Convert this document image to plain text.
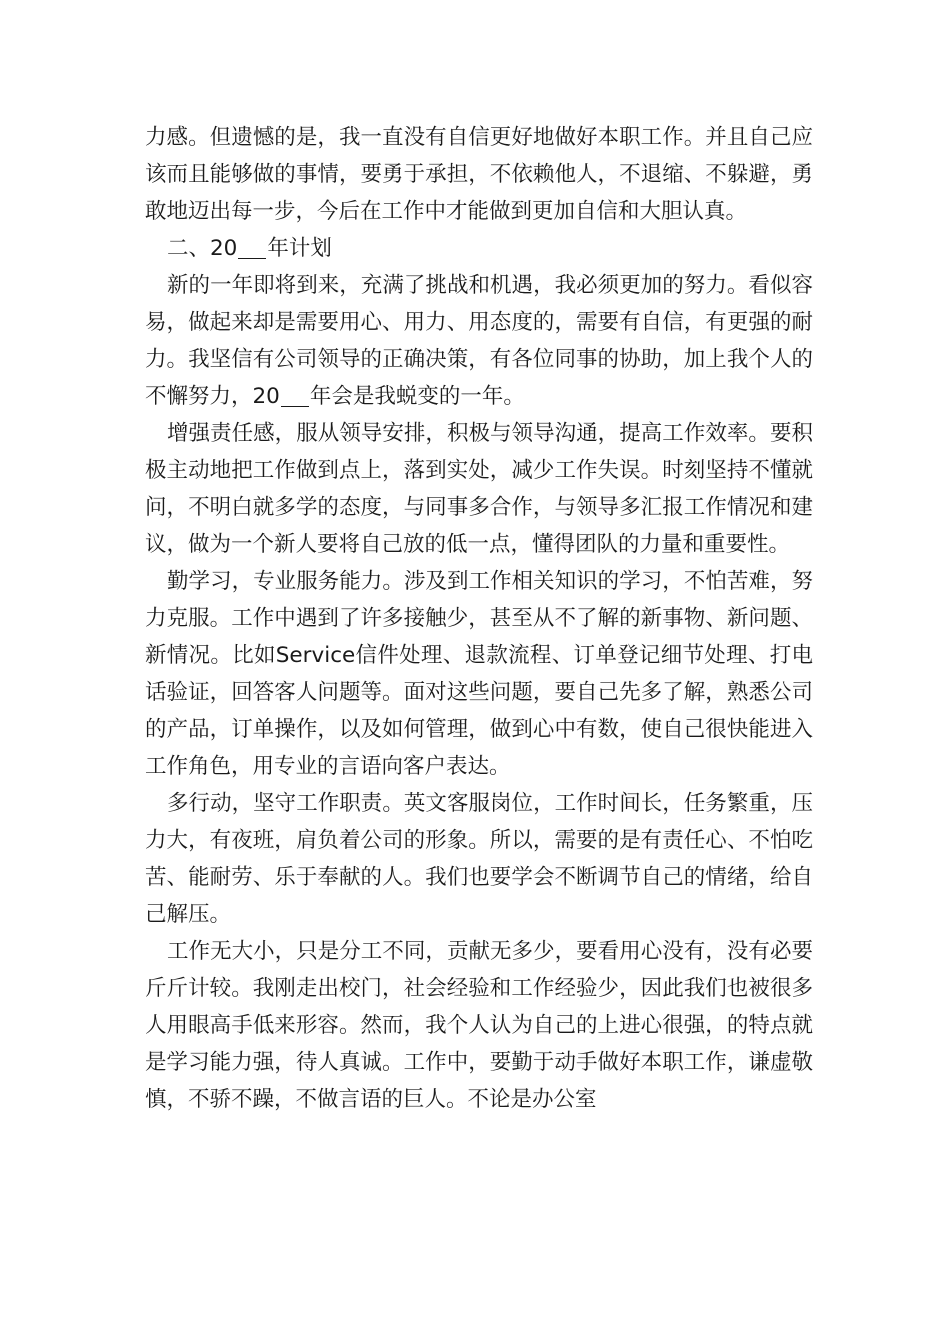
力感。但遗憾的是，我一直没有自信更好地做好本职工作。并且自己应该而且能够做的事情，要勇于承担，不依赖他人，不退缩、不躲避，勇敢地迈出每一步，今后在工作中才能做到更加自信和大胆认真。

二、20 年计划

新的一年即将到来，充满了挑战和机遇，我必须更加的努力。看似容易，做起来却是需要用心、用力、用态度的，需要有自信，有更强的耐力。我坚信有公司领导的正确决策，有各位同事的协助，加上我个人的不懈努力，20 年会是我蜕变的一年。

增强责任感，服从领导安排，积极与领导沟通，提高工作效率。要积极主动地把工作做到点上，落到实处，减少工作失误。时刻坚持不懂就问，不明白就多学的态度，与同事多合作，与领导多汇报工作情况和建议，做为一个新人要将自己放的低一点，懂得团队的力量和重要性。

勤学习，专业服务能力。涉及到工作相关知识的学习，不怕苦难，努力克服。工作中遇到了许多接触少，甚至从不了解的新事物、新问题、新情况。比如Service信件处理、退款流程、订单登记细节处理、打电话验证，回答客人问题等。面对这些问题，要自己先多了解，熟悉公司的产品，订单操作，以及如何管理，做到心中有数，使自己很快能进入工作角色，用专业的言语向客户表达。

多行动，坚守工作职责。英文客服岗位，工作时间长，任务繁重，压力大，有夜班，肩负着公司的形象。所以，需要的是有责任心、不怕吃苦、能耐劳、乐于奉献的人。我们也要学会不断调节自己的情绪，给自己解压。

工作无大小，只是分工不同，贡献无多少，要看用心没有，没有必要斤斤计较。我刚走出校门，社会经验和工作经验少，因此我们也被很多人用眼高手低来形容。然而，我个人认为自己的上进心很强，的特点就是学习能力强，待人真诚。工作中，要勤于动手做好本职工作，谦虚敬慎，不骄不躁，不做言语的巨人。不论是办公室
